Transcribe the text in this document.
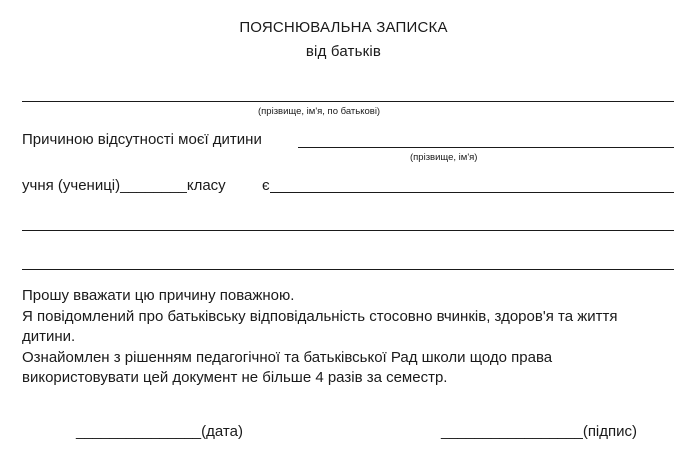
ПОЯСНЮВАЛЬНА ЗАПИСКА
від батьків
(прізвище, ім'я, по батькові)
Причиною відсутності моєї дитини
(прізвище, ім'я)
учня (учениці)________класу є

Прошу вважати цю причину поважною.

Я повідомлений про батьківську відповідальність стосовно вчинків, здоров'я та життя дитини.

Ознайомлен з рішенням педагогічної та батьківської Рад школи щодо права використовувати цей документ не більше 4 разів за семестр.

_______________(дата)	_________________(підпис)
